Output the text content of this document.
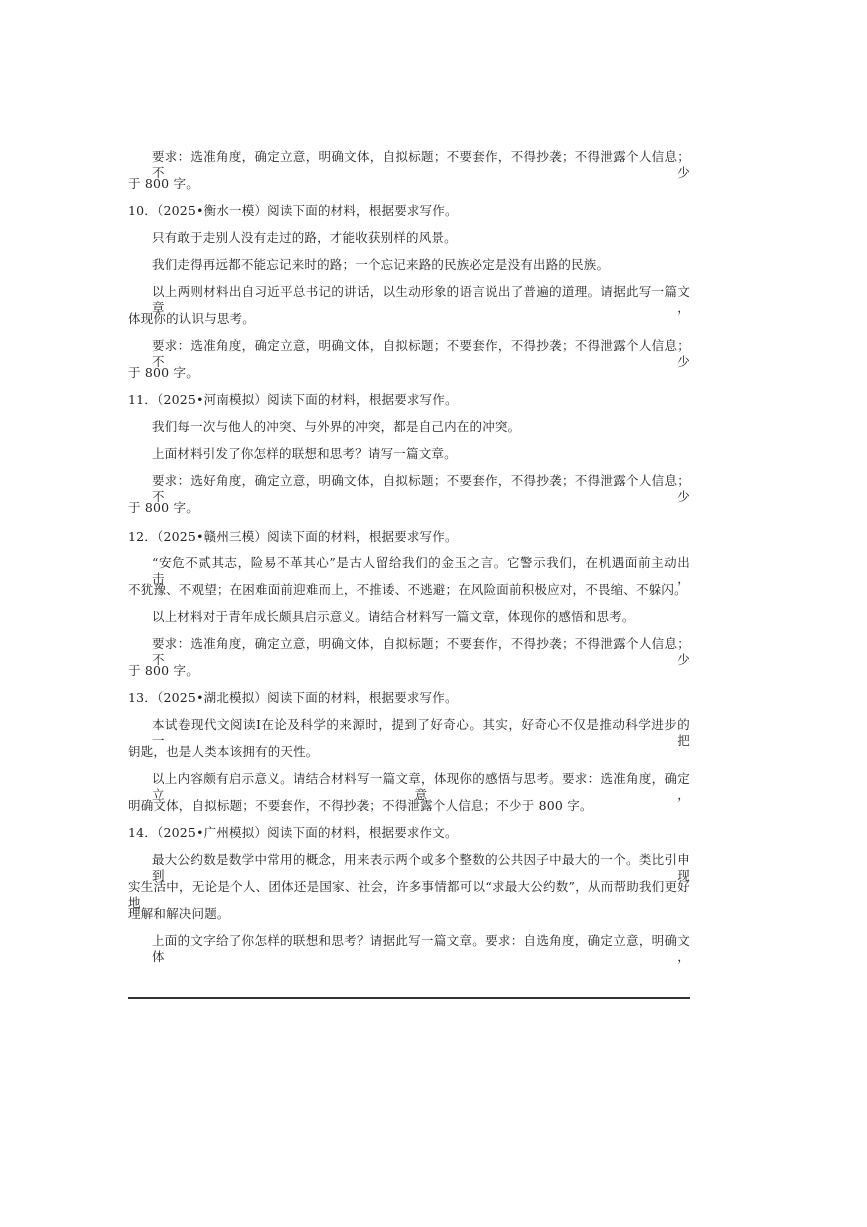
要求：选准角度，确定立意，明确文体，自拟标题；不要套作，不得抄袭；不得泄露个人信息；不少
于 800 字。
10．（2025•衡水一模）阅读下面的材料，根据要求写作。
只有敢于走别人没有走过的路，才能收获别样的风景。
我们走得再远都不能忘记来时的路；一个忘记来路的民族必定是没有出路的民族。
以上两则材料出自习近平总书记的讲话，以生动形象的语言说出了普遍的道理。请据此写一篇文章，
体现你的认识与思考。
要求：选准角度，确定立意，明确文体，自拟标题；不要套作，不得抄袭；不得泄露个人信息；不少
于 800 字。
11．（2025•河南模拟）阅读下面的材料，根据要求写作。
我们每一次与他人的冲突、与外界的冲突，都是自己内在的冲突。
上面材料引发了你怎样的联想和思考？请写一篇文章。
要求：选好角度，确定立意，明确文体，自拟标题；不要套作，不得抄袭；不得泄露个人信息；不少
于 800 字。
12．（2025•赣州三模）阅读下面的材料，根据要求写作。
“安危不贰其志，险易不革其心”是古人留给我们的金玉之言。它警示我们，在机遇面前主动出击，
不犹豫、不观望；在困难面前迎难而上，不推诿、不逃避；在风险面前积极应对，不畏缩、不躲闪。
以上材料对于青年成长颇具启示意义。请结合材料写一篇文章，体现你的感悟和思考。
要求：选准角度，确定立意，明确文体，自拟标题；不要套作，不得抄袭；不得泄露个人信息；不少
于 800 字。
13．（2025•湖北模拟）阅读下面的材料，根据要求写作。
本试卷现代文阅读Ⅰ在论及科学的来源时，提到了好奇心。其实，好奇心不仅是推动科学进步的一把
钥匙，也是人类本该拥有的天性。
以上内容颇有启示意义。请结合材料写一篇文章，体现你的感悟与思考。要求：选准角度，确定立意，
明确文体，自拟标题；不要套作，不得抄袭；不得泄露个人信息；不少于 800 字。
14．（2025•广州模拟）阅读下面的材料，根据要求作文。
最大公约数是数学中常用的概念，用来表示两个或多个整数的公共因子中最大的一个。类比引申到现
实生活中，无论是个人、团体还是国家、社会，许多事情都可以“求最大公约数”，从而帮助我们更好地
理解和解决问题。
上面的文字给了你怎样的联想和思考？请据此写一篇文章。要求：自选角度，确定立意，明确文体，
